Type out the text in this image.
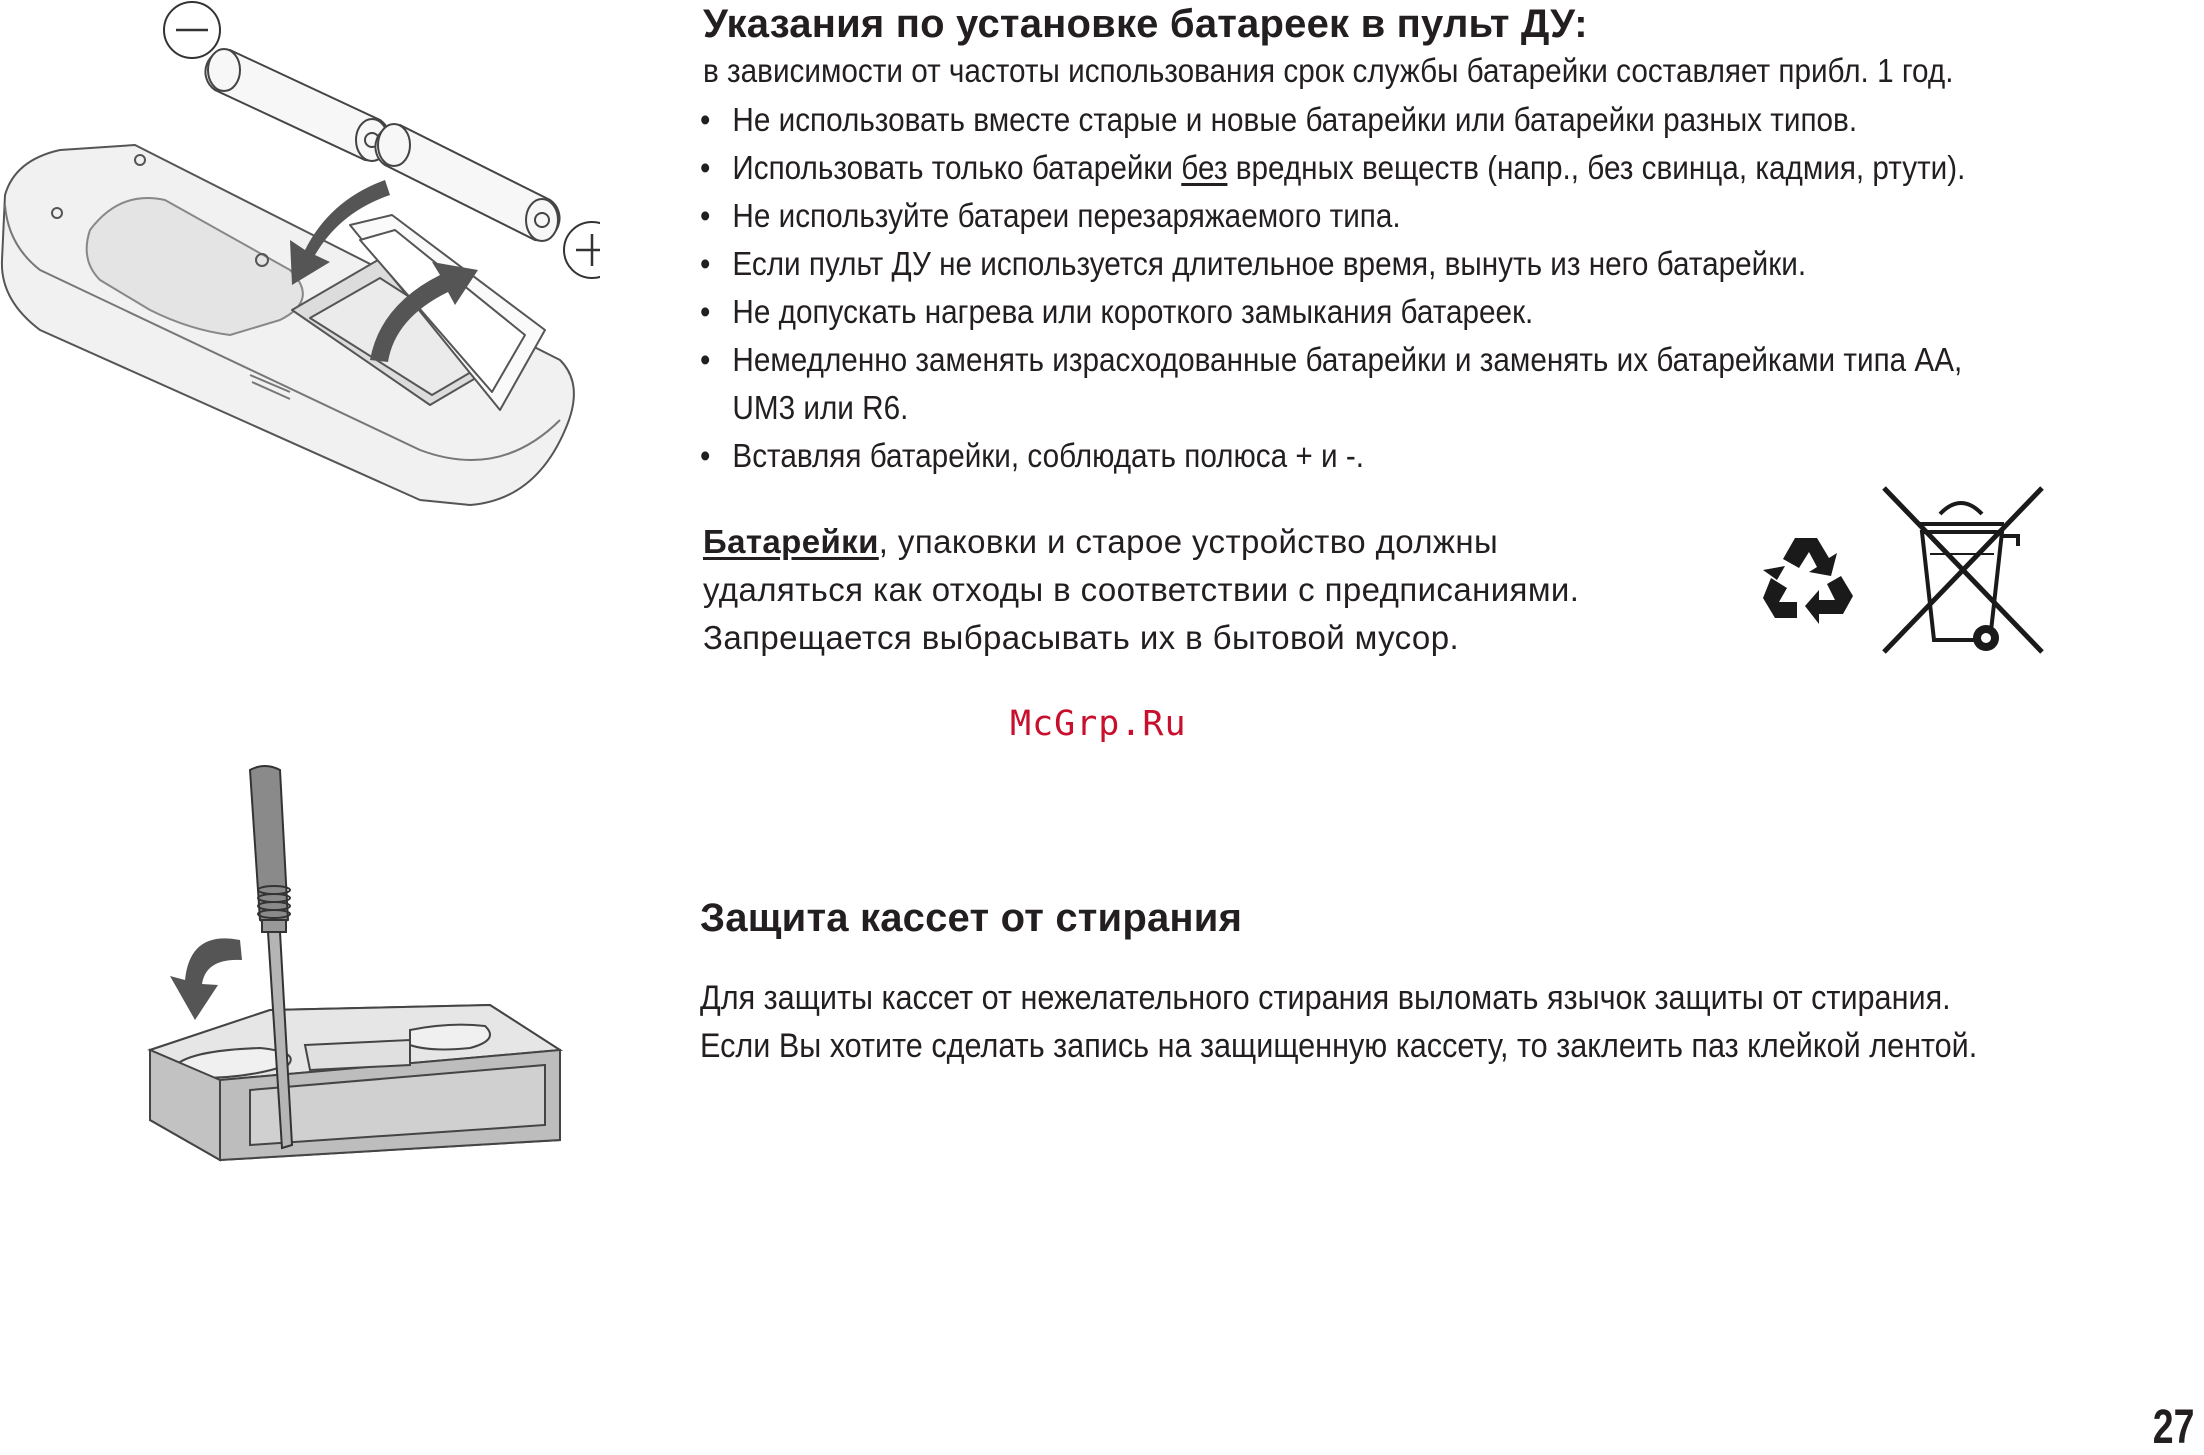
Указания по установке батареек в пульт ДУ:

в зависимости от частоты использования срок службы батарейки составляет прибл. 1 год.

• Не использовать вместе старые и новые батарейки или батарейки разных типов.
• Использовать только батарейки без вредных веществ (напр., без свинца, кадмия, ртути).
• Не используйте батареи перезаряжаемого типа.
• Если пульт ДУ не используется длительное время, вынуть из него батарейки.
• Не допускать нагрева или короткого замыкания батареек.
• Немедленно заменять израсходованные батарейки и заменять их батарейками типа АА,
UM3 или R6.
• Вставляя батарейки, соблюдать полюса + и -.

Батарейки, упаковки и старое устройство должны
удаляться как отходы в соответствии с предписаниями.
Запрещается выбрасывать их в бытовой мусор.

McGrp.Ru

Защита кассет от стирания

Для защиты кассет от нежелательного стирания выломать язычок защиты от стирания.
Если Вы хотите сделать запись на защищенную кассету, то заклеить паз клейкой лентой.

27
